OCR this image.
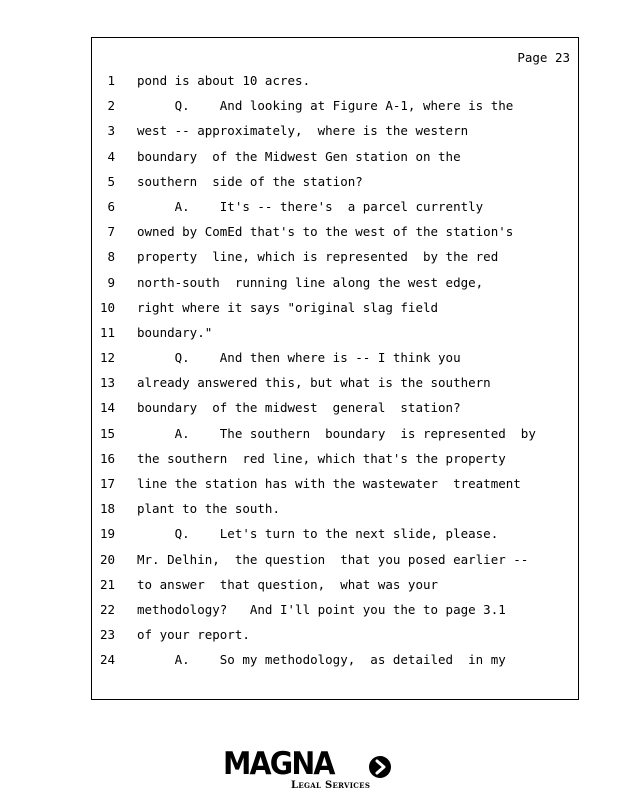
Page 23
1 pond is about 10 acres.
2 Q.    And looking at Figure A-1, where is the
3 west -- approximately,  where is the western
4 boundary  of the Midwest Gen station on the
5 southern  side of the station?
6 A.    It's -- there's  a parcel currently
7 owned by ComEd that's to the west of the station's
8 property  line, which is represented  by the red
9 north-south  running line along the west edge,
10 right where it says "original slag field
11 boundary."
12 Q.    And then where is -- I think you
13 already answered this, but what is the southern
14 boundary  of the midwest  general  station?
15 A.    The southern  boundary  is represented  by
16 the southern  red line, which that's the property
17 line the station has with the wastewater  treatment
18 plant to the south.
19 Q.    Let's turn to the next slide, please.
20 Mr. Delhin,  the question  that you posed earlier --
21 to answer  that question,  what was your
22 methodology?   And I'll point you the to page 3.1
23 of your report.
24 A.    So my methodology,  as detailed  in my
MAGNA
Legal Services
